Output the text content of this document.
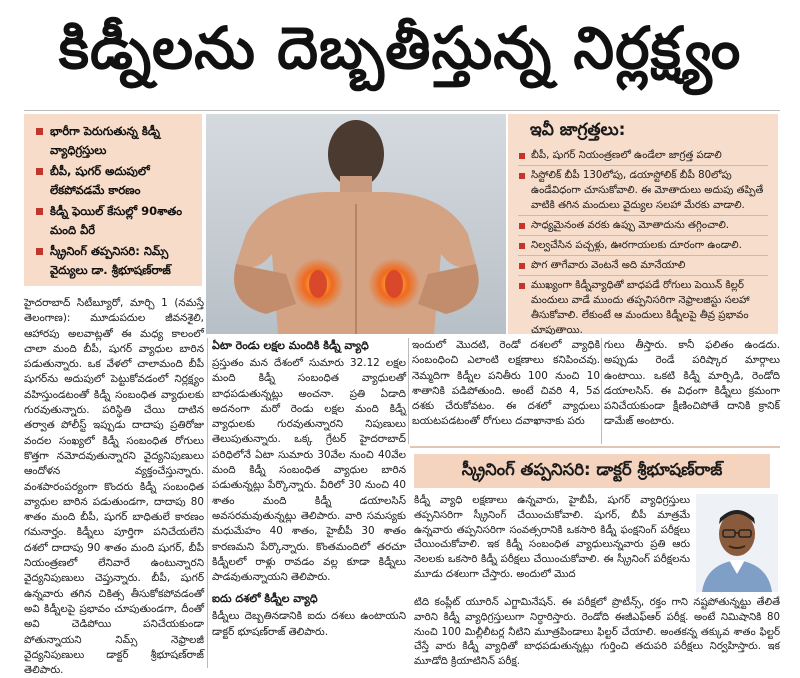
కిడ్నీలను దెబ్బతీస్తున్న నిర్లక్ష్యం
భారీగా పెరుగుతున్న కిడ్నీ వ్యాధిగ్రస్తులు
బీపీ, షుగర్ అదుపులో లేకపోవడమే కారణం
కిడ్నీ ఫెయిల్ కేసుల్లో 90శాతం మంది వీరే
స్క్రీనింగ్ తప్పనిసరి: నిమ్స్ వైద్యులు డా. శ్రీభూషణ్‌రాజ్
ఇవీ జాగ్రత్తలు:
బీపీ, షుగర్ నియంత్రణలో ఉండేలా జాగ్రత్త పడాలి
సిస్టోలిక్ బీపీ 130లోపు, డయాస్టోలిక్ బీపీ 80లోపు ఉండేవిధంగా చూసుకోవాలి. ఈ మోతాదులు అదుపు తప్పితే వాటికి తగిన మందులు వైద్యుల సలహా మేరకు వాడాలి.
సాధ్యమైనంత వరకు ఉప్పు మోతాదును తగ్గించాలి.
నిల్వచేసిన పచ్చళ్లు, ఊరగాయలకు దూరంగా ఉండాలి.
పొగ తాగేవారు వెంటనే అది మానేయాలి
ముఖ్యంగా కిడ్నీవ్యాధితో బాధపడే రోగులు పెయిన్ కిల్లర్ మందులు వాడే ముందు తప్పనిసరిగా నెఫ్రాలజిస్టు సలహా తీసుకోవాలి. లేకుంటే ఆ మందులు కిడ్నీలపై తీవ్ర ప్రభావం చూపుతాయి.
హైదరాబాద్ సిటీబ్యూరో, మార్చి 1 (నమస్తే తెలంగాణ): మూడుపదుల జీవనశైలి, ఆహారపు అలవాట్లతో ఈ మధ్య కాలంలో చాలా మంది బీపీ, షుగర్ వ్యాధుల బారిన పడుతున్నారు. ఒక వేళలో చాలామంది బీపీ షుగర్‌ను అదుపులో పెట్టుకోవడంలో నిర్లక్ష్యం వహిస్తుండటంతో కిడ్నీ సంబంధిత వ్యాధులకు గురవుతున్నారు. పరిస్థితి చేయి దాటిన తర్వాత పోలీస్ట్ ఇప్పుడు దాదాపు ప్రతిరోజు వందల సంఖ్యలో కిడ్నీ సంబంధిత రోగులు కొత్తగా నమోదవుతున్నారని వైద్యనిపుణులు ఆందోళన వ్యక్తంచేస్తున్నారు. వంశపారంపర్యంగా కొందరు కిడ్నీ సంబంధిత వ్యాధుల బారిన పడుతుండగా, దాదాపు 80 శాతం మంది బీపీ, షుగర్ బాధితులే కారణం గమనార్హం. కిడ్నీలు పూర్తిగా పనిచేయలేని దశలో దాదాపు 90 శాతం మంది షుగర్, బీపీ నియంత్రణలో లేనివారే ఉంటున్నారని వైద్యనిపుణులు చెప్తున్నారు. బీపీ, షుగర్ ఉన్నవారు తగిన చికిత్స తీసుకోకపోవడంతో అవి కిడ్నీలపై ప్రభావం చూపుతుండగా, దీంతో అవి చెడిపోయి పనిచేయకుండా పోతున్నాయని నిమ్స్ నెఫ్రాలజీ వైద్యనిపుణులు డాక్టర్ శ్రీభూషణ్‌రాజ్ తెలిపారు.
ఏటా రెండు లక్షల మందికి కిడ్నీ వ్యాధి
ప్రస్తుతం మన దేశంలో సుమారు 32.12 లక్షల మంది కిడ్నీ సంబంధిత వ్యాధులతో బాధపడుతున్నట్లు అంచనా. ప్రతి ఏడాది అదనంగా మరో రెండు లక్షల మంది కిడ్నీ వ్యాధులకు గురవుతున్నారని నిపుణులు తెలుపుతున్నారు. ఒక్క గ్రేటర్ హైదరాబాద్ పరిధిలోనే ఏటా సుమారు 30వేల నుంచి 40వేల మంది కిడ్నీ సంబంధిత వ్యాధుల బారిన పడుతున్నట్లు పేర్కొన్నారు. వీరిలో 30 నుంచి 40 శాతం మంది కిడ్నీ డయాలసిస్ అవసరమవుతున్నట్లు తెలిపారు. వారి సమస్యకు మధుమేహం 40 శాతం, హైబీపీ 30 శాతం కారణమని పేర్కొన్నారు. కొంతమందిలో తరచూ కిడ్నీలలో రాళ్లు రావడం వల్ల కూడా కిడ్నీలు పాడవుతున్నాయని తెలిపారు.
ఐదు దశలో కిడ్నీల వ్యాధి
కిడ్నీలు దెబ్బతినడానికి ఐదు దశలు ఉంటాయని డాక్టర్ భూషణ్‌రాజ్ తెలిపారు.
ఇందులో మొదటి, రెండో దశలలో వ్యాధికి సంబంధించి ఎలాంటి లక్షణాలు కనిపించవు. నెమ్మదిగా కిడ్నీల పనితీరు 100 నుంచి 10 శాతానికి పడిపోతుంది. అంటే చివరి 4, 5వ దశకు చేరుకోవటం. ఈ దశలో వ్యాధులు బయటపడటంతో రోగులు దవాఖానాకు పరు
గులు తీస్తారు. కానీ ఫలితం ఉండదు. అప్పుడు రెండే పరిష్కార మార్గాలు ఉంటాయి. ఒకటి కిడ్నీ మార్పిడి, రెండోది డయాలసిస్. ఈ విధంగా కిడ్నీలు క్రమంగా పనిచేయకుండా క్షీణించిపోతే దానికి క్రానిక్ డామేజ్ అంటారు.
స్క్రీనింగ్ తప్పనిసరి: డాక్టర్ శ్రీభూషణ్‌రాజ్
కిడ్నీ వ్యాధి లక్షణాలు ఉన్నవారు, హైబీపీ, షుగర్ వ్యాధిగ్రస్తులు తప్పనిసరిగా స్క్రీనింగ్ చేయించుకోవాలి. షుగర్, బీపీ మాత్రమే ఉన్నవారు తప్పనిసరిగా సంవత్సరానికి ఒకసారి కిడ్నీ ఫంక్షనింగ్ పరీక్షలు చేయించుకోవాలి. ఇక కిడ్నీ సంబంధిత వ్యాధులున్నవారు ప్రతి ఆరు నెలలకు ఒకసారి కిడ్నీ పరీక్షలు చేయించుకోవాలి. ఈ స్క్రీనింగ్ పరీక్షలను మూడు దశలుగా చేస్తారు. అందులో మొద
టిది కంప్లీట్ యూరిన్ ఎగ్జామినేషన్. ఈ పరీక్షలో ప్రొటీన్స్, రక్తం గాని నష్టపోతున్నట్టు తేలితే వారిని కిడ్నీ వ్యాధిగ్రస్తులుగా నిర్ధారిస్తారు. రెండోది ఈజీఎఫ్‌ఆర్ పరీక్ష. అంటే నిమిషానికి 80 నుంచి 100 మిల్లీలీటర్ల నీటిని మూత్రపిండాలు ఫిల్టర్ చేయాలి. అంతకన్న తక్కువ శాతం ఫిల్టర్ చేస్తే వారు కిడ్నీ వ్యాధితో బాధపడుతున్నట్లు గుర్తించి తదుపరి పరీక్షలు నిర్వహిస్తారు. ఇక మూడోది క్రియాటినిన్ పరీక్ష.
